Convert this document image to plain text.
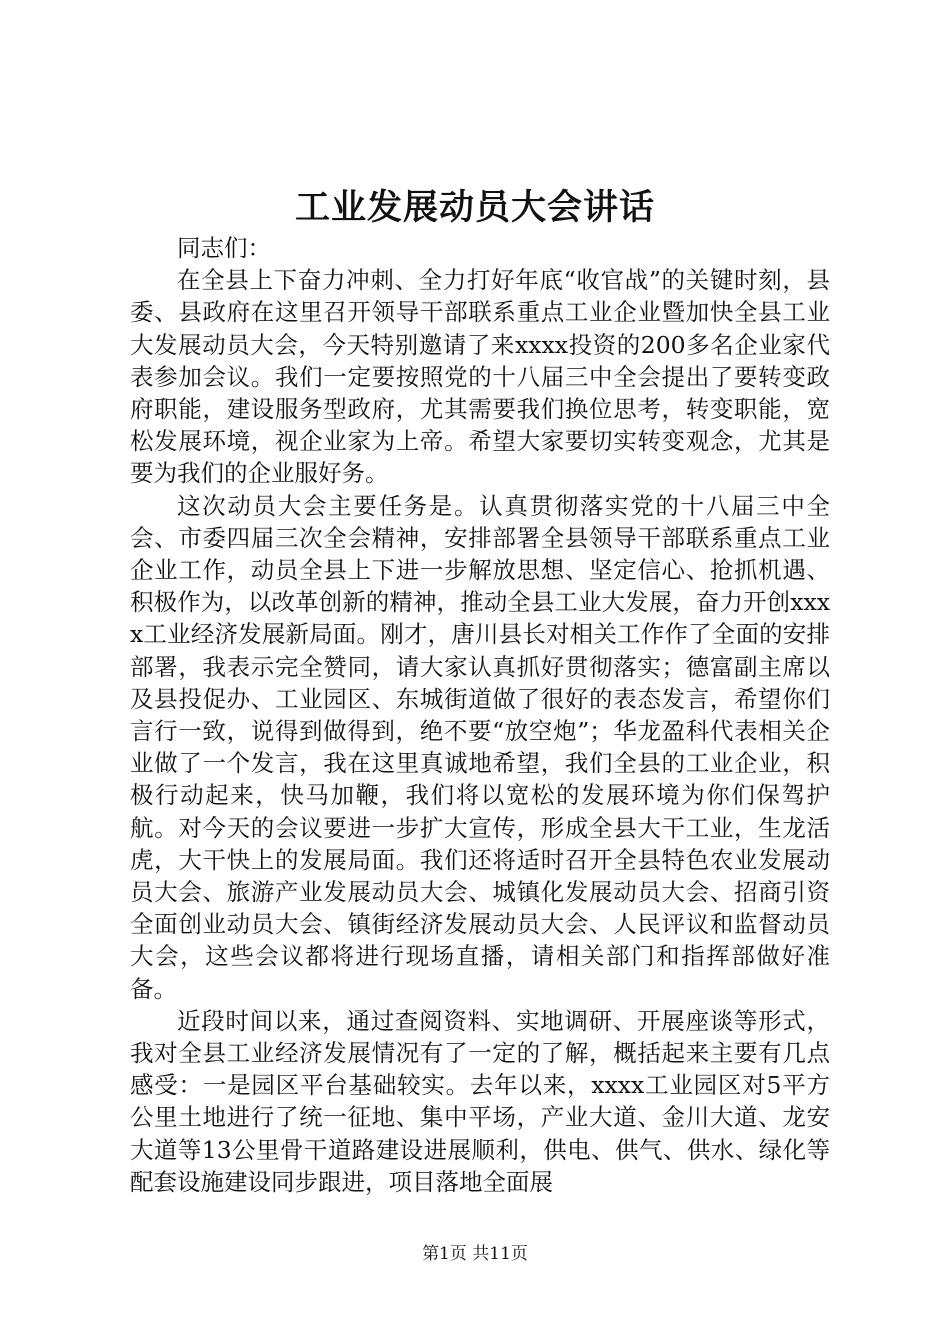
工业发展动员大会讲话

同志们：

在全县上下奋力冲刺、全力打好年底“收官战”的关键时刻，县委、县政府在这里召开领导干部联系重点工业企业暨加快全县工业大发展动员大会，今天特别邀请了来xxxx投资的200多名企业家代表参加会议。我们一定要按照党的十八届三中全会提出了要转变政府职能，建设服务型政府，尤其需要我们换位思考，转变职能，宽松发展环境，视企业家为上帝。希望大家要切实转变观念，尤其是要为我们的企业服好务。

这次动员大会主要任务是。认真贯彻落实党的十八届三中全会、市委四届三次全会精神，安排部署全县领导干部联系重点工业企业工作，动员全县上下进一步解放思想、坚定信心、抢抓机遇、积极作为，以改革创新的精神，推动全县工业大发展，奋力开创xxxx工业经济发展新局面。刚才，唐川县长对相关工作作了全面的安排部署，我表示完全赞同，请大家认真抓好贯彻落实；德富副主席以及县投促办、工业园区、东城街道做了很好的表态发言，希望你们言行一致，说得到做得到，绝不要“放空炮”；华龙盈科代表相关企业做了一个发言，我在这里真诚地希望，我们全县的工业企业，积极行动起来，快马加鞭，我们将以宽松的发展环境为你们保驾护航。对今天的会议要进一步扩大宣传，形成全县大干工业，生龙活虎，大干快上的发展局面。我们还将适时召开全县特色农业发展动员大会、旅游产业发展动员大会、城镇化发展动员大会、招商引资全面创业动员大会、镇街经济发展动员大会、人民评议和监督动员大会，这些会议都将进行现场直播，请相关部门和指挥部做好准备。

近段时间以来，通过查阅资料、实地调研、开展座谈等形式，我对全县工业经济发展情况有了一定的了解，概括起来主要有几点感受：一是园区平台基础较实。去年以来，xxxx工业园区对5平方公里土地进行了统一征地、集中平场，产业大道、金川大道、龙安大道等13公里骨干道路建设进展顺利，供电、供气、供水、绿化等配套设施建设同步跟进，项目落地全面展

第1页 共11页
